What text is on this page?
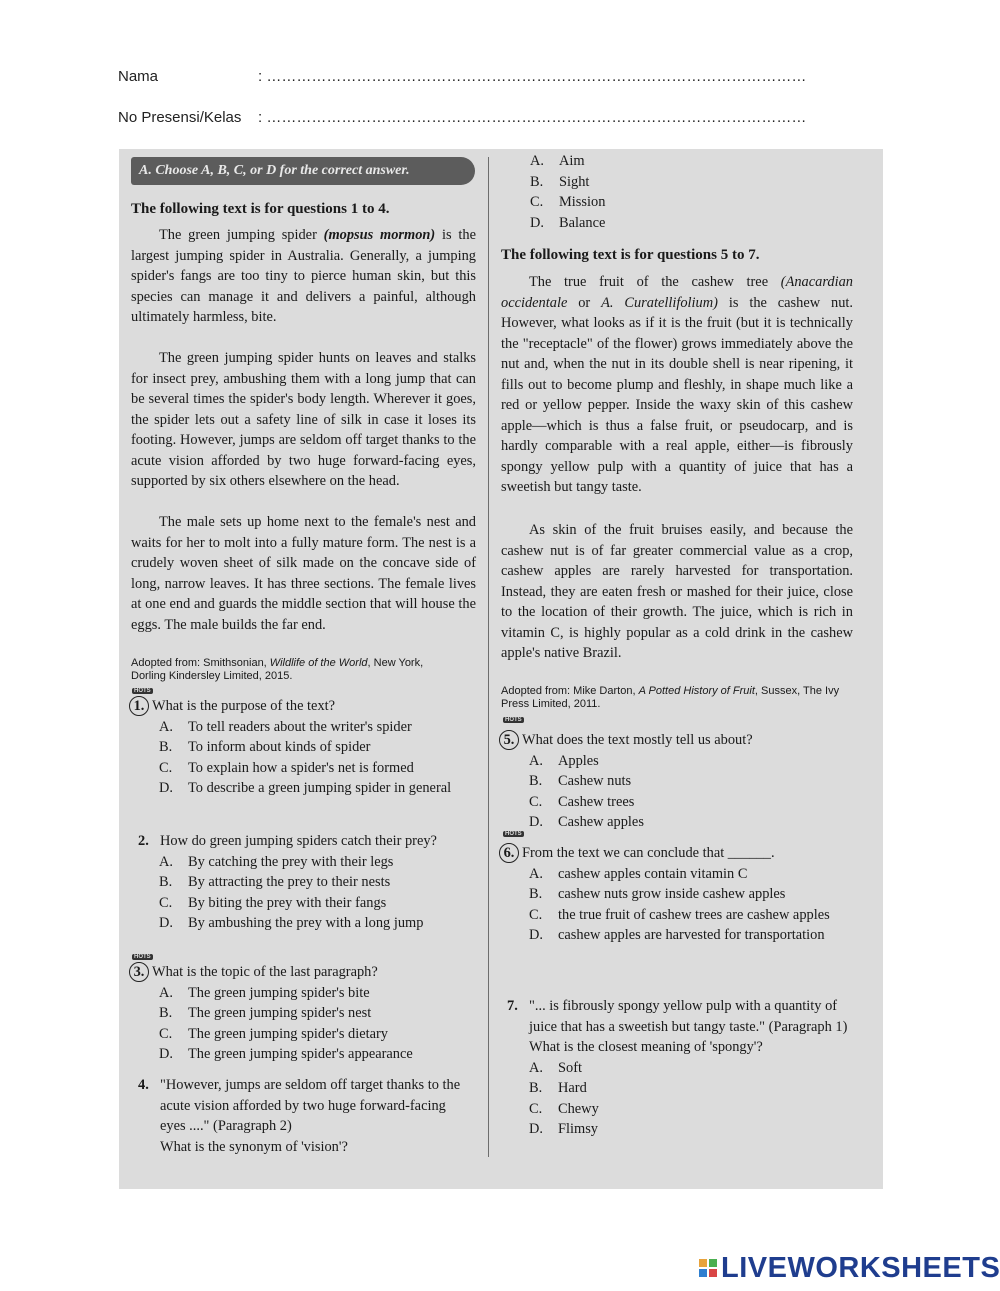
Nama	: ………………………………………………………………………………………………
No Presensi/Kelas : ………………………………………………………………………………………………
A. Choose A, B, C, or D for the correct answer.
The following text is for questions 1 to 4.
The green jumping spider (mopsus mormon) is the largest jumping spider in Australia. Generally, a jumping spider's fangs are too tiny to pierce human skin, but this species can manage it and delivers a painful, although ultimately harmless, bite.
The green jumping spider hunts on leaves and stalks for insect prey, ambushing them with a long jump that can be several times the spider's body length. Wherever it goes, the spider lets out a safety line of silk in case it loses its footing. However, jumps are seldom off target thanks to the acute vision afforded by two huge forward-facing eyes, supported by six others elsewhere on the head.
The male sets up home next to the female's nest and waits for her to molt into a fully mature form. The nest is a crudely woven sheet of silk made on the concave side of long, narrow leaves. It has three sections. The female lives at one end and guards the middle section that will house the eggs. The male builds the far end.
Adopted from: Smithsonian, Wildlife of the World, New York, Dorling Kindersley Limited, 2015.
HOTS
1. What is the purpose of the text?
A.	To tell readers about the writer's spider
B.	To inform about kinds of spider
C.	To explain how a spider's net is formed
D.	To describe a green jumping spider in general
2. How do green jumping spiders catch their prey?
A.	By catching the prey with their legs
B.	By attracting the prey to their nests
C.	By biting the prey with their fangs
D.	By ambushing the prey with a long jump
HOTS
3. What is the topic of the last paragraph?
A.	The green jumping spider's bite
B.	The green jumping spider's nest
C.	The green jumping spider's dietary
D.	The green jumping spider's appearance
4. "However, jumps are seldom off target thanks to the acute vision afforded by two huge forward-facing eyes ...." (Paragraph 2)
What is the synonym of 'vision'?
A.	Aim
B.	Sight
C.	Mission
D.	Balance
The following text is for questions 5 to 7.
The true fruit of the cashew tree (Anacardian occidentale or A. Curatellifolium) is the cashew nut. However, what looks as if it is the fruit (but it is technically the "receptacle" of the flower) grows immediately above the nut and, when the nut in its double shell is near ripening, it fills out to become plump and fleshly, in shape much like a red or yellow pepper. Inside the waxy skin of this cashew apple—which is thus a false fruit, or pseudocarp, and is hardly comparable with a real apple, either—is fibrously spongy yellow pulp with a quantity of juice that has a sweetish but tangy taste.
As skin of the fruit bruises easily, and because the cashew nut is of far greater commercial value as a crop, cashew apples are rarely harvested for transportation. Instead, they are eaten fresh or mashed for their juice, close to the location of their growth. The juice, which is rich in vitamin C, is highly popular as a cold drink in the cashew apple's native Brazil.
Adopted from: Mike Darton, A Potted History of Fruit, Sussex, The Ivy Press Limited, 2011.
HOTS
5. What does the text mostly tell us about?
A.	Apples
B.	Cashew nuts
C.	Cashew trees
D.	Cashew apples
HOTS
6. From the text we can conclude that ______.
A.	cashew apples contain vitamin C
B.	cashew nuts grow inside cashew apples
C.	the true fruit of cashew trees are cashew apples
D.	cashew apples are harvested for transportation
7. "... is fibrously spongy yellow pulp with a quantity of juice that has a sweetish but tangy taste." (Paragraph 1)
What is the closest meaning of 'spongy'?
A.	Soft
B.	Hard
C.	Chewy
D.	Flimsy
LIVEWORKSHEETS
